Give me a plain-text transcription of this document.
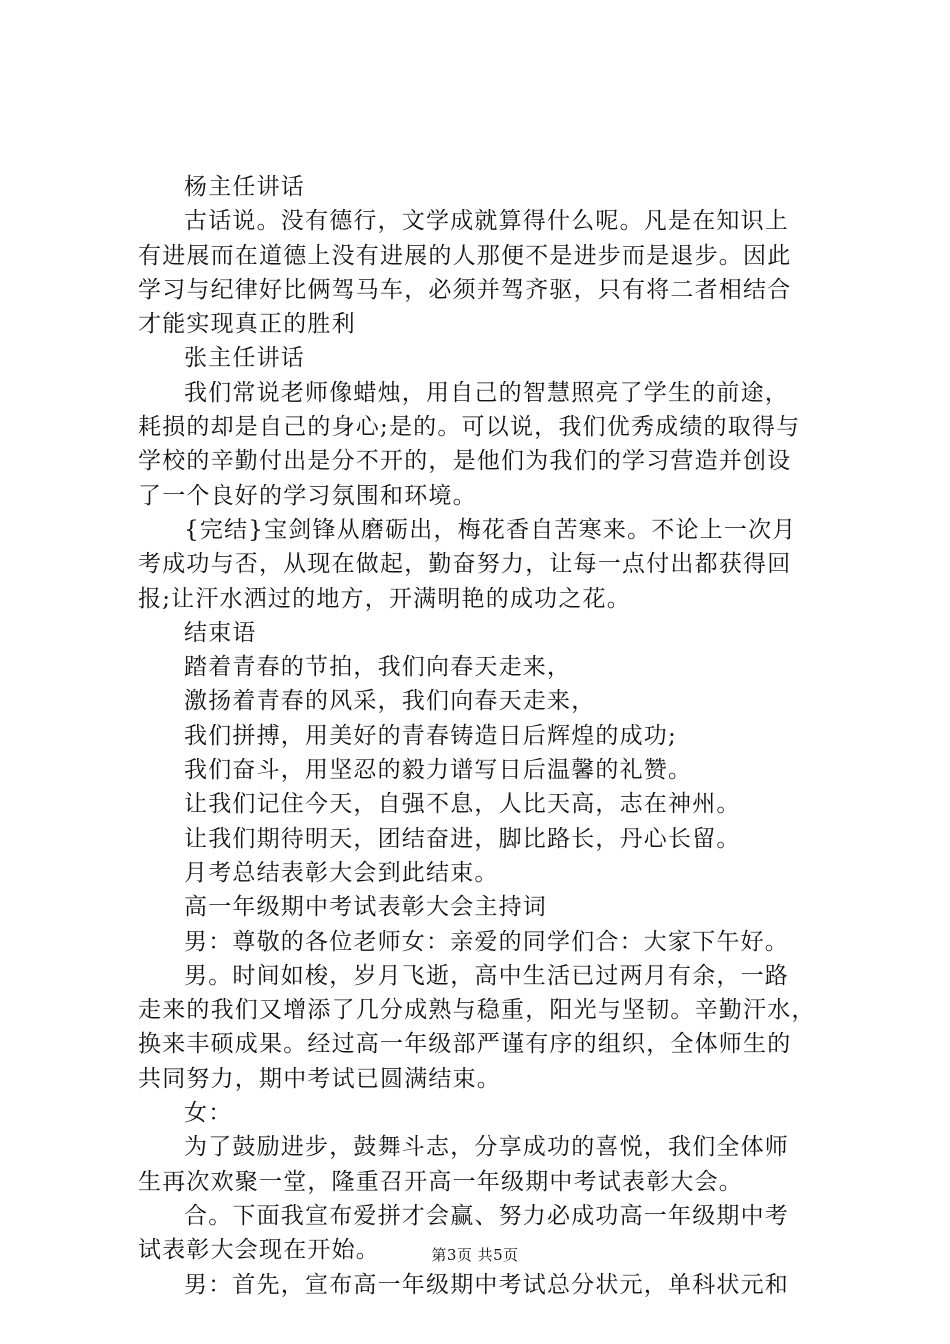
杨主任讲话
古话说。没有德行，文学成就算得什么呢。凡是在知识上
有进展而在道德上没有进展的人那便不是进步而是退步。因此
学习与纪律好比俩驾马车，必须并驾齐驱，只有将二者相结合
才能实现真正的胜利
张主任讲话
我们常说老师像蜡烛，用自己的智慧照亮了学生的前途，
耗损的却是自己的身心;是的。可以说，我们优秀成绩的取得与
学校的辛勤付出是分不开的，是他们为我们的学习营造并创设
了一个良好的学习氛围和环境。
{完结}宝剑锋从磨砺出，梅花香自苦寒来。不论上一次月
考成功与否，从现在做起，勤奋努力，让每一点付出都获得回
报;让汗水洒过的地方，开满明艳的成功之花。
结束语
踏着青春的节拍，我们向春天走来，
激扬着青春的风采，我们向春天走来，
我们拼搏，用美好的青春铸造日后辉煌的成功;
我们奋斗，用坚忍的毅力谱写日后温馨的礼赞。
让我们记住今天，自强不息，人比天高，志在神州。
让我们期待明天，团结奋进，脚比路长，丹心长留。
月考总结表彰大会到此结束。
高一年级期中考试表彰大会主持词
男：尊敬的各位老师女：亲爱的同学们合：大家下午好。
男。时间如梭，岁月飞逝，高中生活已过两月有余，一路
走来的我们又增添了几分成熟与稳重，阳光与坚韧。辛勤汗水，
换来丰硕成果。经过高一年级部严谨有序的组织，全体师生的
共同努力，期中考试已圆满结束。
女：
为了鼓励进步，鼓舞斗志，分享成功的喜悦，我们全体师
生再次欢聚一堂，隆重召开高一年级期中考试表彰大会。
合。下面我宣布爱拼才会赢、努力必成功高一年级期中考
试表彰大会现在开始。
男：首先，宣布高一年级期中考试总分状元，单科状元和
第3页 共5页
